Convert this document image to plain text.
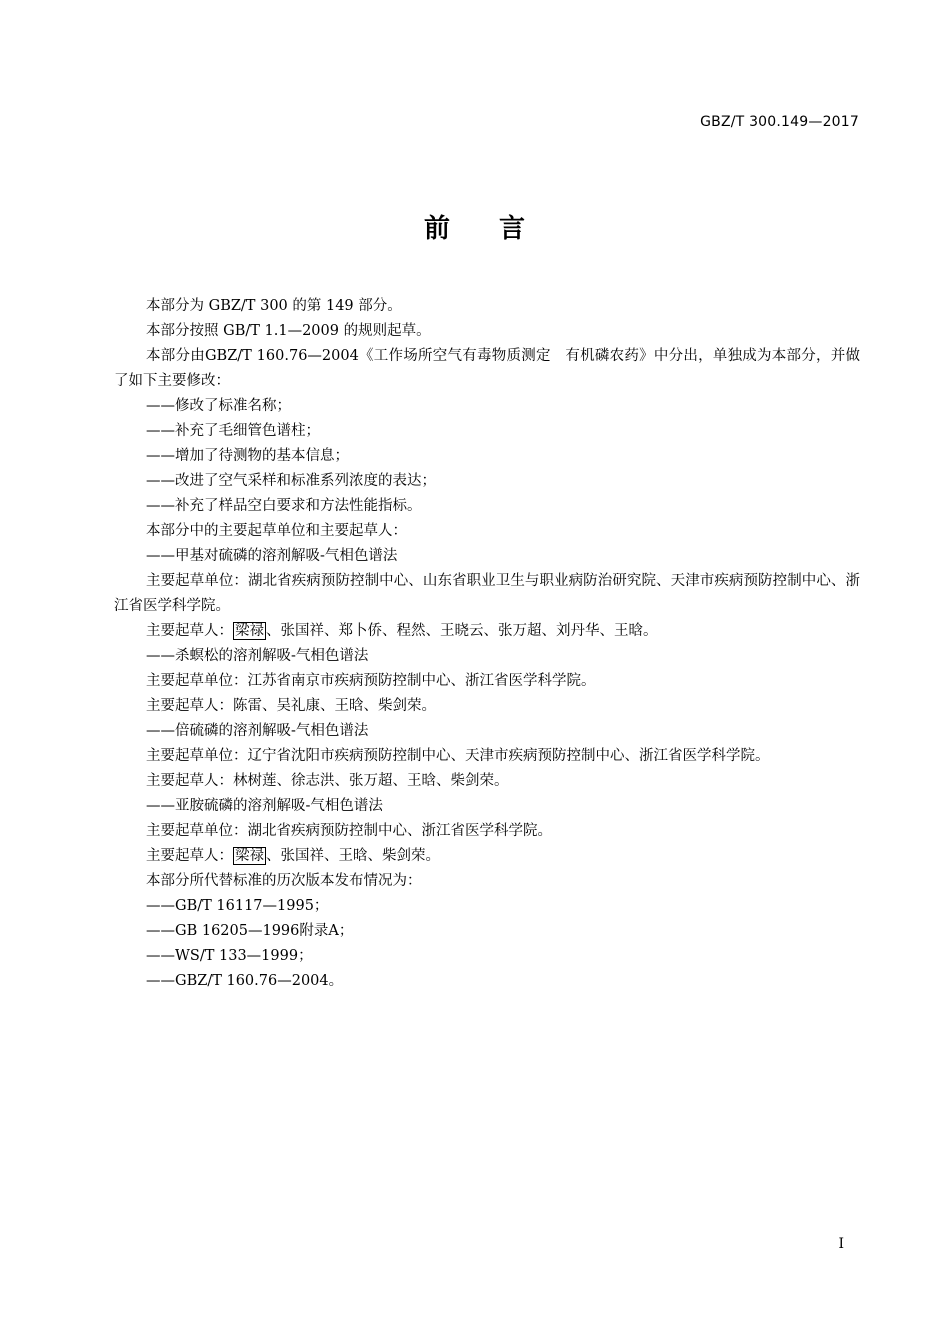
GBZ/T 300.149—2017
前 言

本部分为 GBZ/T 300 的第 149 部分。

本部分按照 GB/T 1.1—2009 的规则起草。

本部分由GBZ/T 160.76—2004《工作场所空气有毒物质测定　有机磷农药》中分出，单独成为本部分，并做了如下主要修改：

——修改了标准名称；

——补充了毛细管色谱柱；

——增加了待测物的基本信息；

——改进了空气采样和标准系列浓度的表达；

——补充了样品空白要求和方法性能指标。

本部分中的主要起草单位和主要起草人：

——甲基对硫磷的溶剂解吸-气相色谱法

主要起草单位：湖北省疾病预防控制中心、山东省职业卫生与职业病防治研究院、天津市疾病预防控制中心、浙江省医学科学院。

主要起草人： 梁禄 、张国祥、郑卜侨、程然、王晓云、张万超、刘丹华、王晗。

——杀螟松的溶剂解吸-气相色谱法

主要起草单位：江苏省南京市疾病预防控制中心、浙江省医学科学院。

主要起草人：陈雷、吴礼康、王晗、柴剑荣。

——倍硫磷的溶剂解吸-气相色谱法

主要起草单位：辽宁省沈阳市疾病预防控制中心、天津市疾病预防控制中心、浙江省医学科学院。

主要起草人：林树莲、徐志洪、张万超、王晗、柴剑荣。

——亚胺硫磷的溶剂解吸-气相色谱法

主要起草单位：湖北省疾病预防控制中心、浙江省医学科学院。

主要起草人： 梁禄 、张国祥、王晗、柴剑荣。

本部分所代替标准的历次版本发布情况为：

——GB/T 16117—1995；

——GB 16205—1996附录A；

——WS/T 133—1999；

——GBZ/T 160.76—2004。

I
